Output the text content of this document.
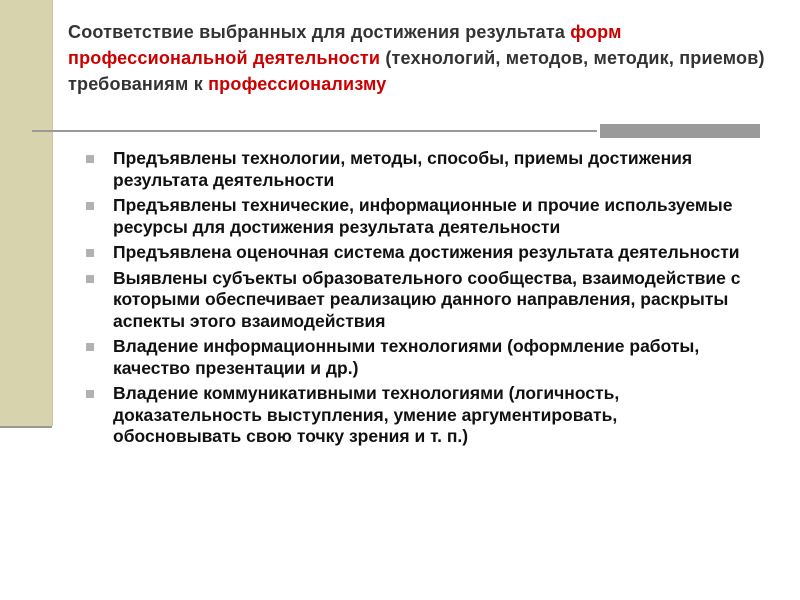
Соответствие выбранных для достижения результата форм профессиональной деятельности (технологий, методов, методик, приемов) требованиям к профессионализму
Предъявлены технологии, методы, способы, приемы достижения результата деятельности
Предъявлены технические, информационные и прочие используемые ресурсы для достижения результата деятельности
Предъявлена оценочная система достижения результата деятельности
Выявлены субъекты образовательного сообщества, взаимодействие с которыми обеспечивает реализацию данного направления, раскрыты аспекты этого взаимодействия
Владение информационными технологиями (оформление работы, качество презентации и др.)
Владение коммуникативными технологиями (логичность, доказательность выступления, умение аргументировать, обосновывать свою точку зрения и т. п.)
